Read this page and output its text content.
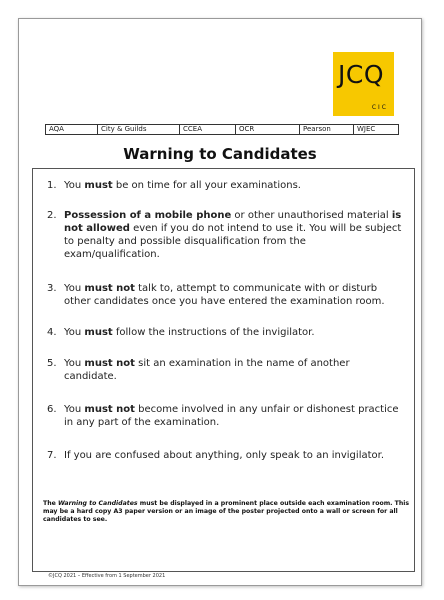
JCQ
CIC
AQA	City & Guilds	CCEA	OCR	Pearson	WJEC
Warning to Candidates
1. You must be on time for all your examinations.
2. Possession of a mobile phone or other unauthorised material is not allowed even if you do not intend to use it. You will be subject to penalty and possible disqualification from the exam/qualification.
3. You must not talk to, attempt to communicate with or disturb other candidates once you have entered the examination room.
4. You must follow the instructions of the invigilator.
5. You must not sit an examination in the name of another candidate.
6. You must not become involved in any unfair or dishonest practice in any part of the examination.
7. If you are confused about anything, only speak to an invigilator.
The Warning to Candidates must be displayed in a prominent place outside each examination room. This may be a hard copy A3 paper version or an image of the poster projected onto a wall or screen for all candidates to see.
©JCQ 2021 – Effective from 1 September 2021
